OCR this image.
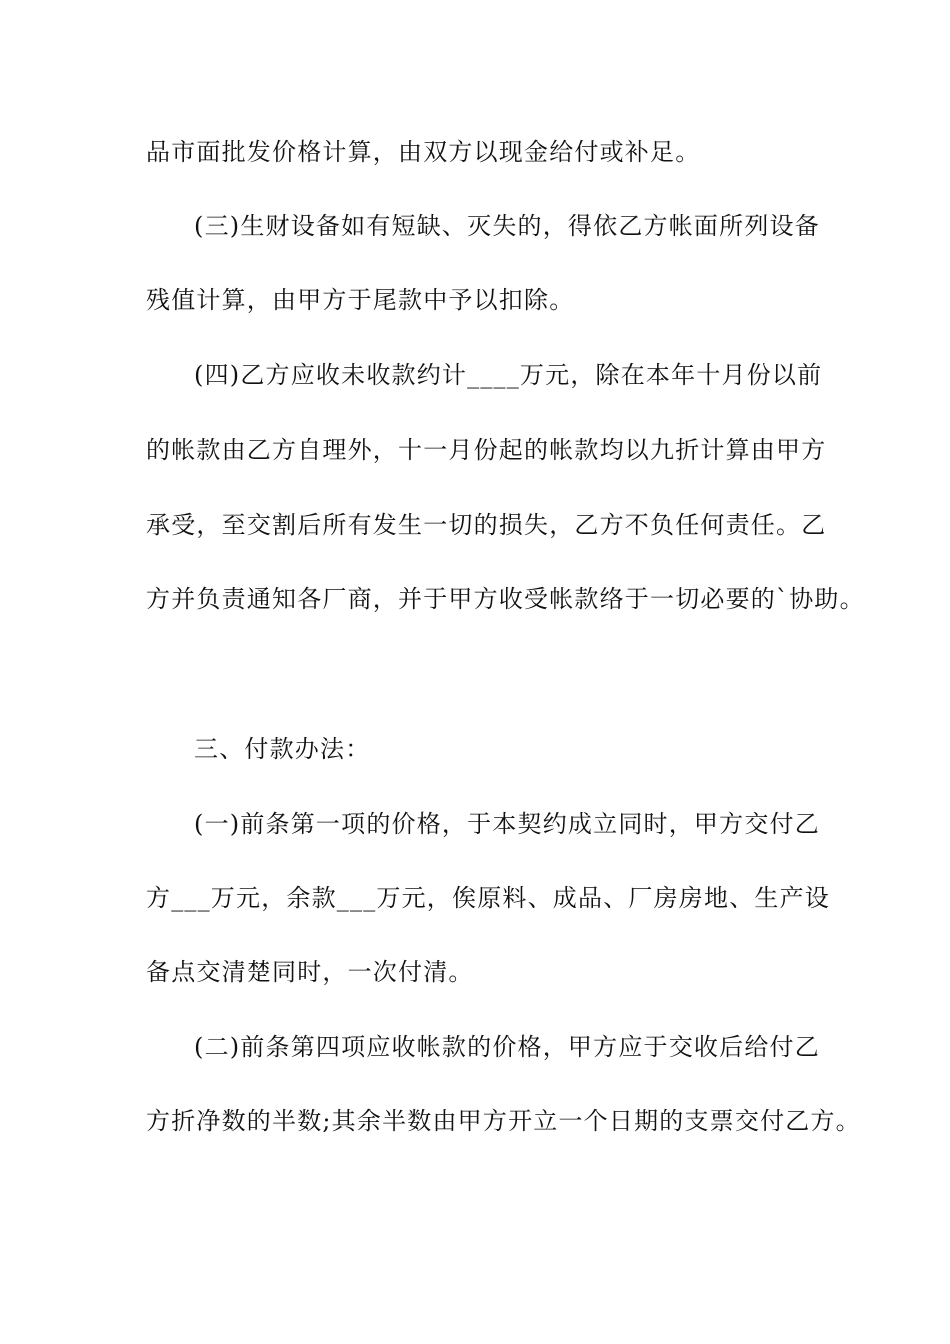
品市面批发价格计算，由双方以现金给付或补足。
(三)生财设备如有短缺、灭失的，得依乙方帐面所列设备
残值计算，由甲方于尾款中予以扣除。
(四)乙方应收未收款约计____万元，除在本年十月份以前
的帐款由乙方自理外，十一月份起的帐款均以九折计算由甲方
承受，至交割后所有发生一切的损失，乙方不负任何责任。乙
方并负责通知各厂商，并于甲方收受帐款络于一切必要的`协助。
三、付款办法：
(一)前条第一项的价格，于本契约成立同时，甲方交付乙
方___万元，余款___万元，俟原料、成品、厂房房地、生产设
备点交清楚同时，一次付清。
(二)前条第四项应收帐款的价格，甲方应于交收后给付乙
方折净数的半数;其余半数由甲方开立一个日期的支票交付乙方。
